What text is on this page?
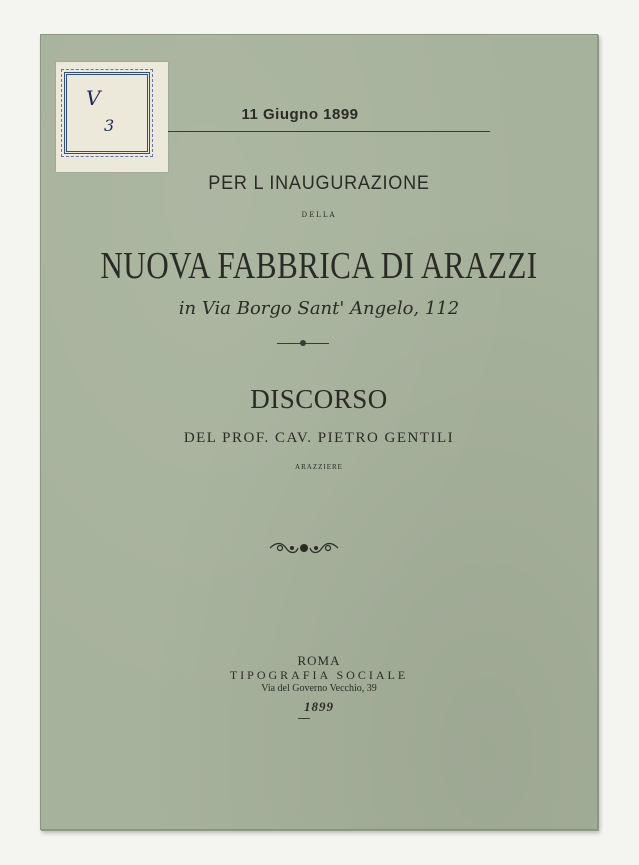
V
3
11 Giugno 1899
PER L INAUGURAZIONE
DELLA
NUOVA FABBRICA DI ARAZZI
in Via Borgo Sant' Angelo, 112
DISCORSO
DEL PROF. CAV. PIETRO GENTILI
ARAZZIERE
ROMA
TIPOGRAFIA SOCIALE
Via del Governo Vecchio, 39
1899
